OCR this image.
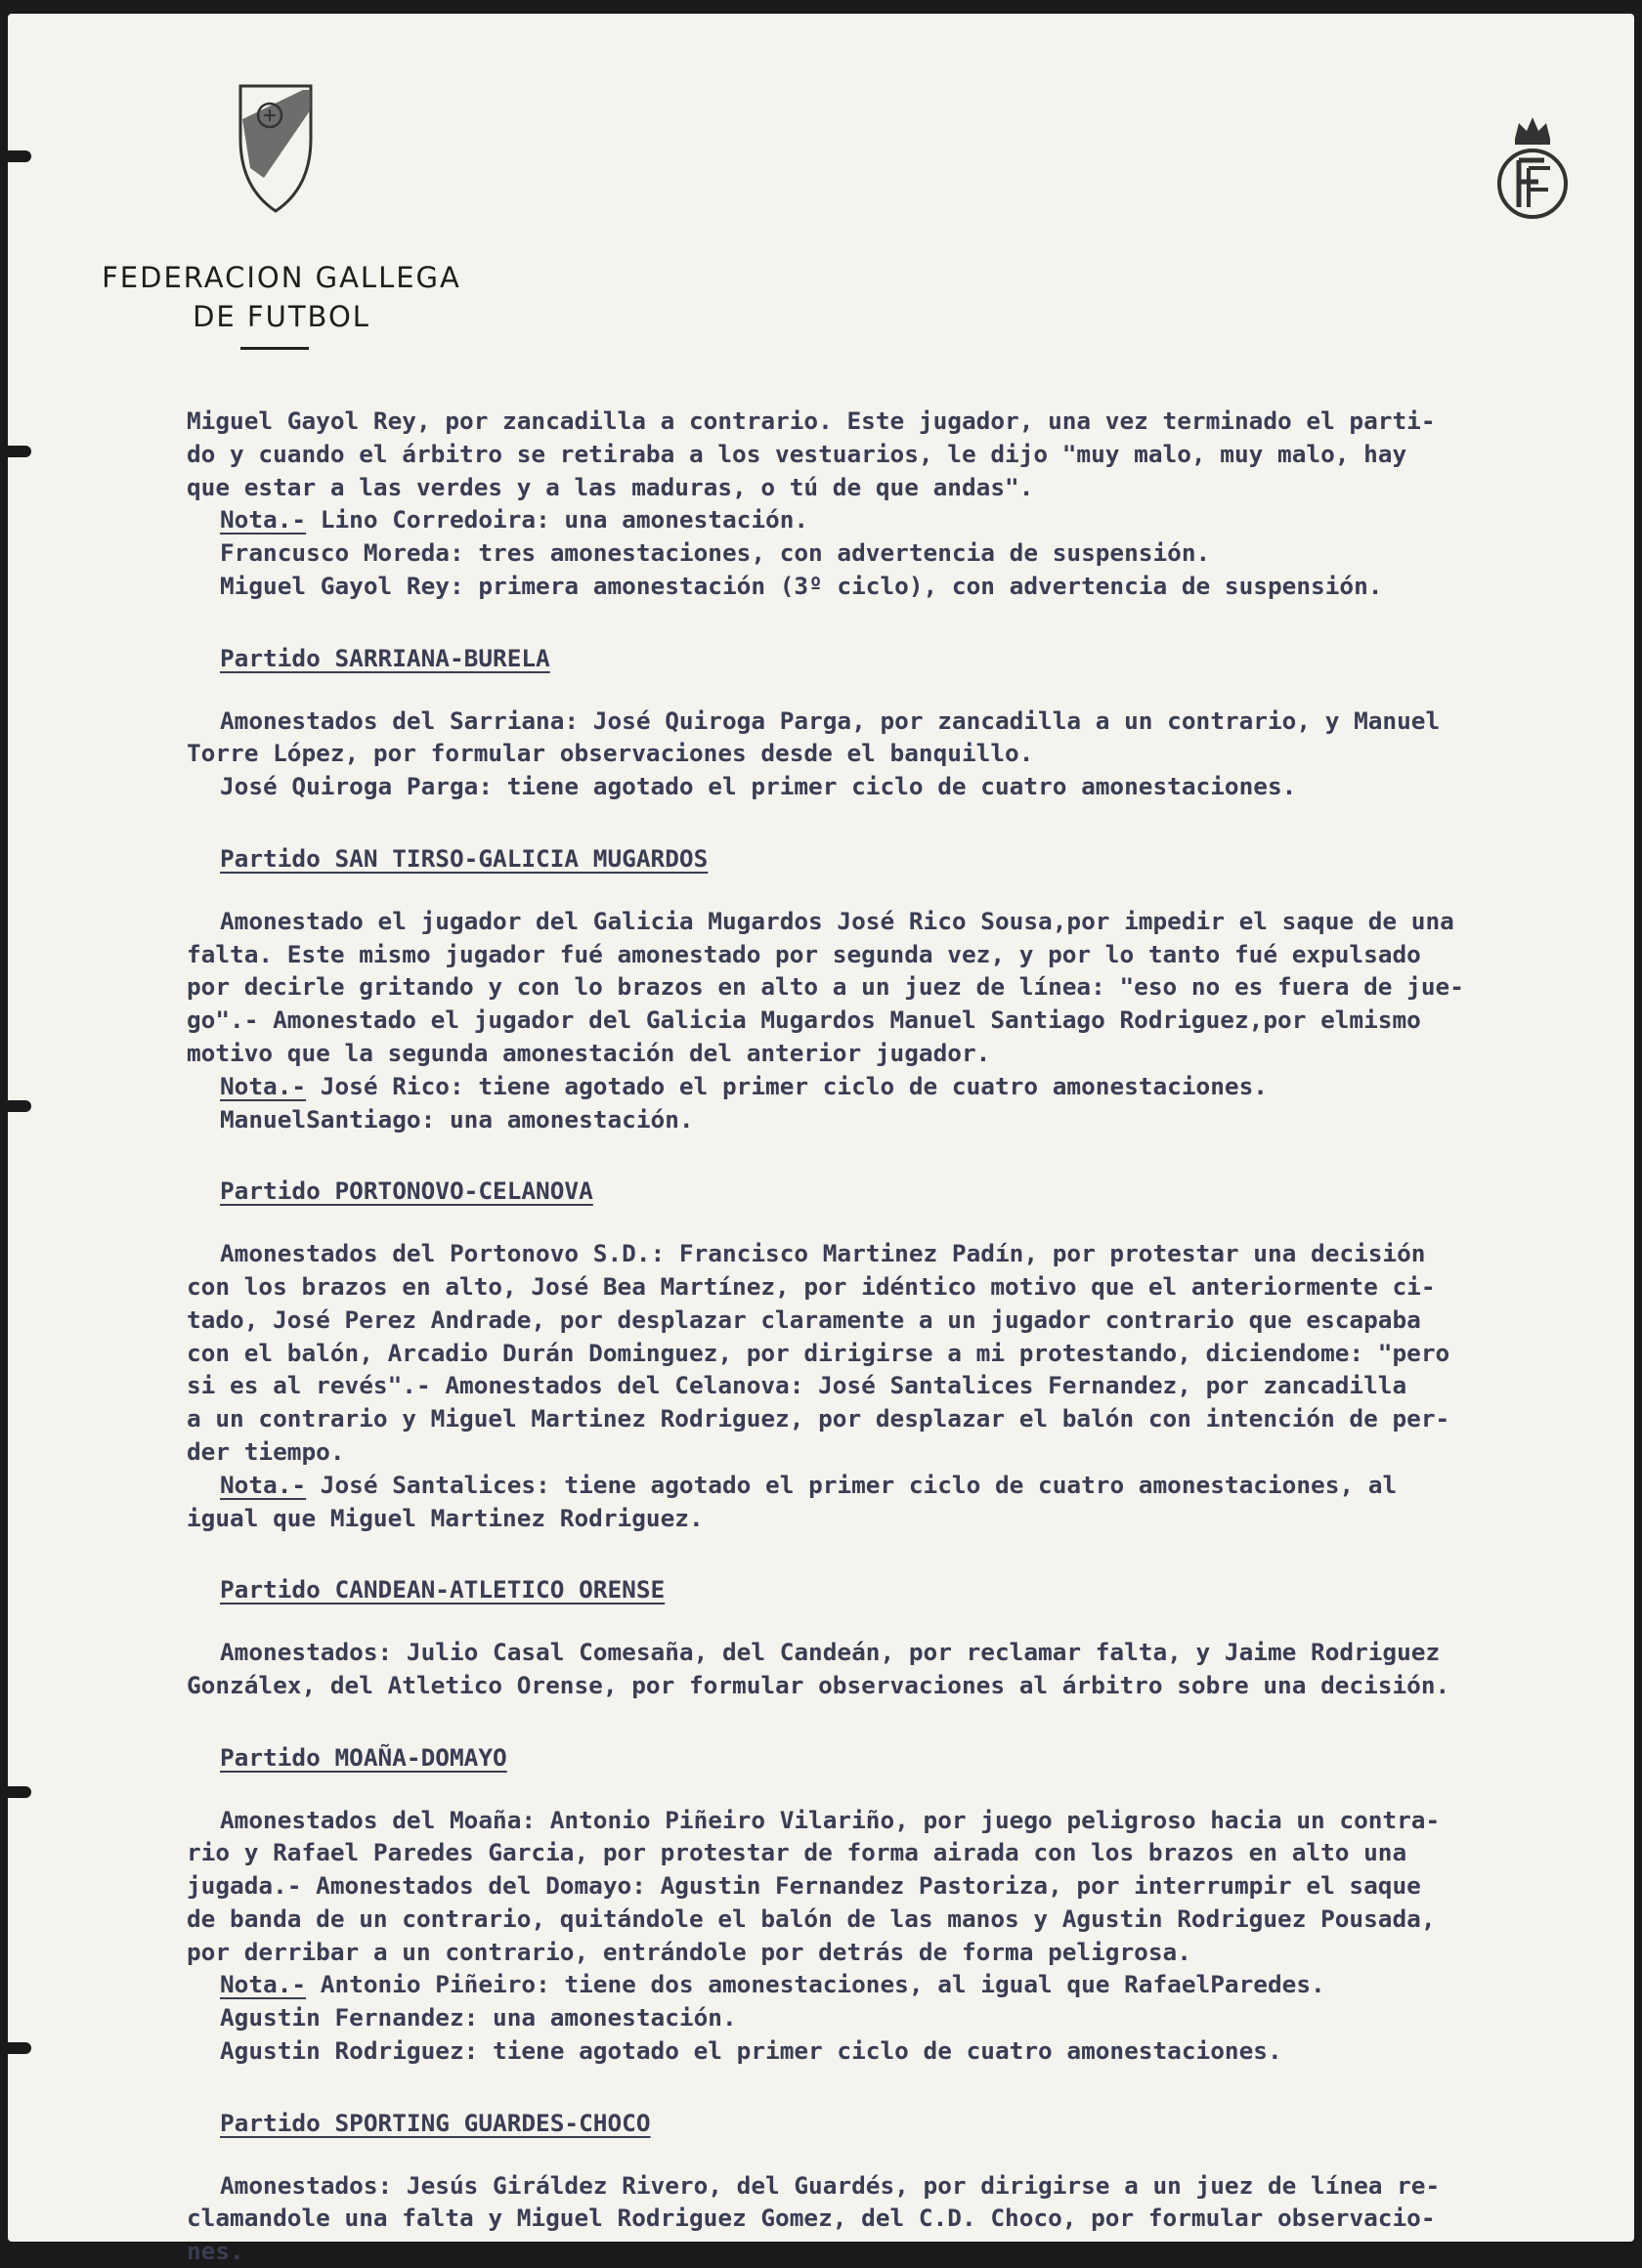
FEDERACION GALLEGA
DE FUTBOL

Miguel Gayol Rey, por zancadilla a contrario. Este jugador, una vez terminado el parti-

do y cuando el árbitro se retiraba a los vestuarios, le dijo "muy malo, muy malo, hay

que estar a las verdes y a las maduras, o tú de que andas".

Nota.- Lino Corredoira: una amonestación.

Francusco Moreda: tres amonestaciones, con advertencia de suspensión.

Miguel Gayol Rey: primera amonestación (3º ciclo), con advertencia de suspensión.

Partido SARRIANA-BURELA

Amonestados del Sarriana: José Quiroga Parga, por zancadilla a un contrario, y Manuel

Torre López, por formular observaciones desde el banquillo.

José Quiroga Parga: tiene agotado el primer ciclo de cuatro amonestaciones.

Partido SAN TIRSO-GALICIA MUGARDOS

Amonestado el jugador del Galicia Mugardos José Rico Sousa,por impedir el saque de una

falta. Este mismo jugador fué amonestado por segunda vez, y por lo tanto fué expulsado

por decirle gritando y con lo brazos en alto a un juez de línea: "eso no es fuera de jue-

go".- Amonestado el jugador del Galicia Mugardos Manuel Santiago Rodriguez,por elmismo

motivo que la segunda amonestación del anterior jugador.

Nota.- José Rico: tiene agotado el primer ciclo de cuatro amonestaciones.

ManuelSantiago: una amonestación.

Partido PORTONOVO-CELANOVA

Amonestados del Portonovo S.D.: Francisco Martinez Padín, por protestar una decisión

con los brazos en alto, José Bea Martínez, por idéntico motivo que el anteriormente ci-

tado, José Perez Andrade, por desplazar claramente a un jugador contrario que escapaba

con el balón, Arcadio Durán Dominguez, por dirigirse a mi protestando, diciendome: "pero

si es al revés".- Amonestados del Celanova: José Santalices Fernandez, por zancadilla

a un contrario y Miguel Martinez Rodriguez, por desplazar el balón con intención de per-

der tiempo.

Nota.- José Santalices: tiene agotado el primer ciclo de cuatro amonestaciones, al

igual que Miguel Martinez Rodriguez.

Partido CANDEAN-ATLETICO ORENSE

Amonestados: Julio Casal Comesaña, del Candeán, por reclamar falta, y Jaime Rodriguez

Gonzálex, del Atletico Orense, por formular observaciones al árbitro sobre una decisión.

Partido MOAÑA-DOMAYO

Amonestados del Moaña: Antonio Piñeiro Vilariño, por juego peligroso hacia un contra-

rio y Rafael Paredes Garcia, por protestar de forma airada con los brazos en alto una

jugada.- Amonestados del Domayo: Agustin Fernandez Pastoriza, por interrumpir el saque

de banda de un contrario, quitándole el balón de las manos y Agustin Rodriguez Pousada,

por derribar a un contrario, entrándole por detrás de forma peligrosa.

Nota.- Antonio Piñeiro: tiene dos amonestaciones, al igual que RafaelParedes.

Agustin Fernandez: una amonestación.

Agustin Rodriguez: tiene agotado el primer ciclo de cuatro amonestaciones.

Partido SPORTING GUARDES-CHOCO

Amonestados: Jesús Giráldez Rivero, del Guardés, por dirigirse a un juez de línea re-

clamandole una falta y Miguel Rodriguez Gomez, del C.D. Choco, por formular observacio-

nes.
